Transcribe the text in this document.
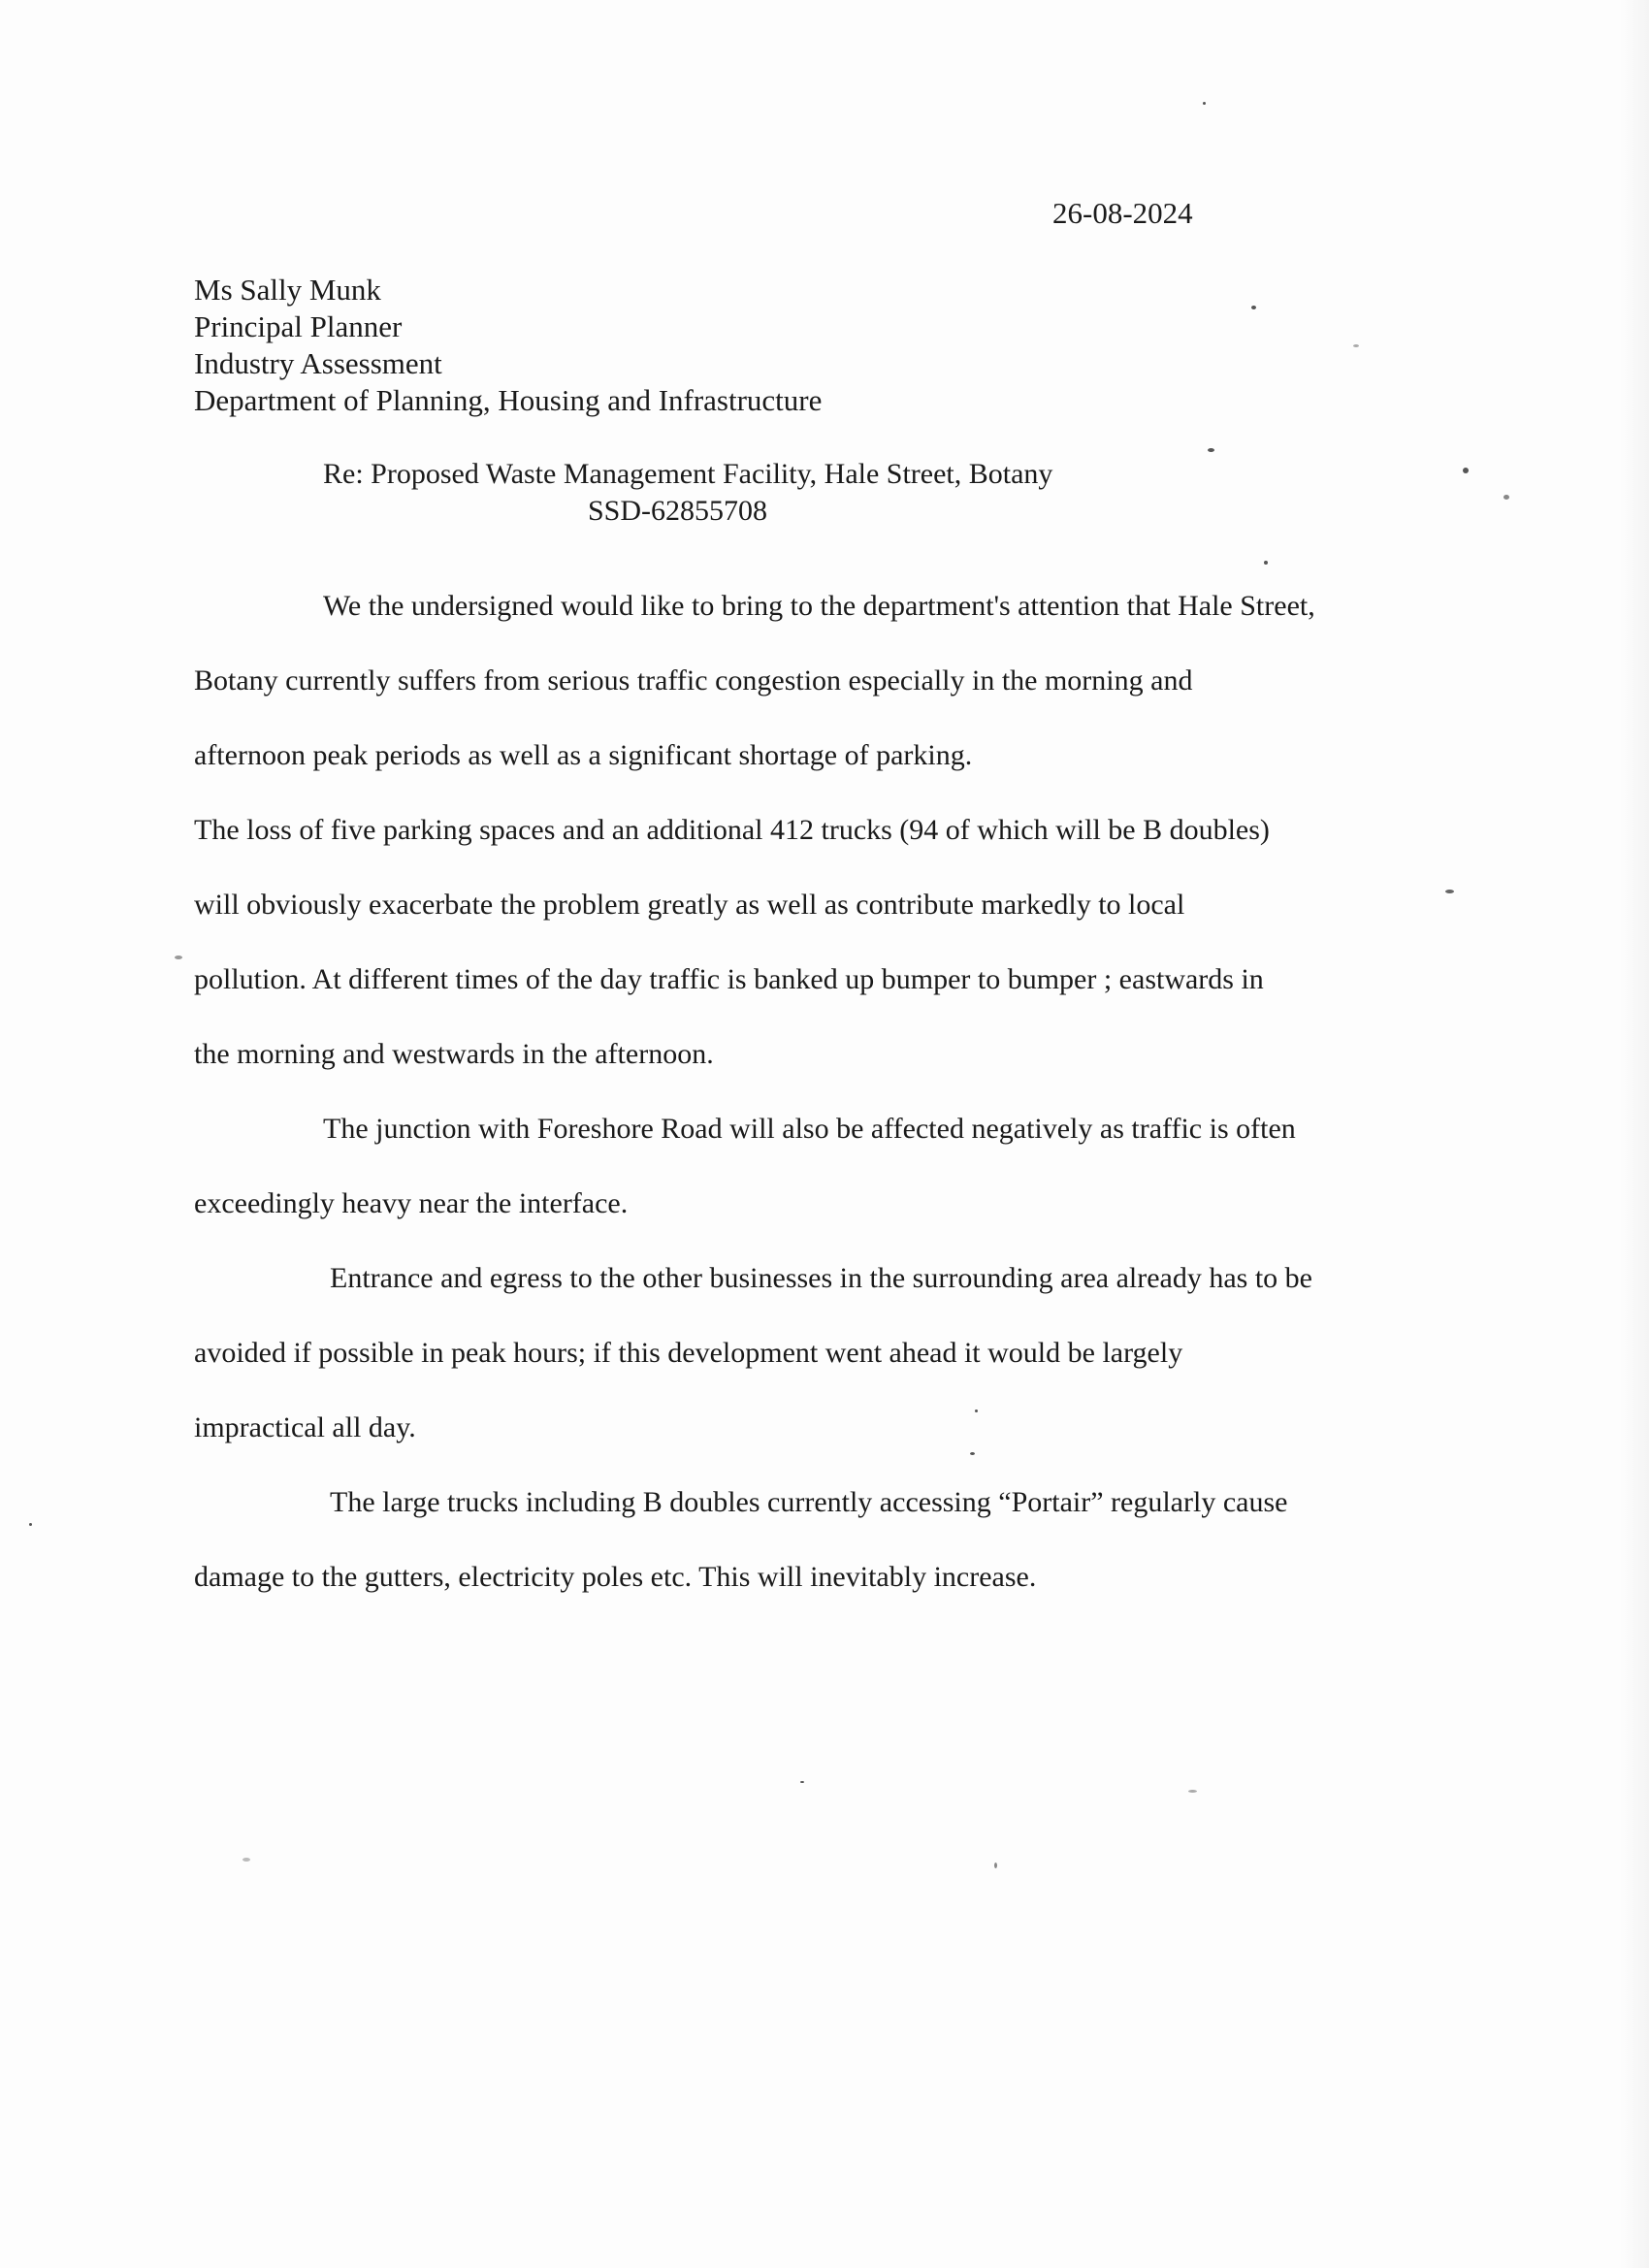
26-08-2024
Ms Sally Munk
Principal Planner
Industry Assessment
Department of Planning, Housing and Infrastructure
Re: Proposed Waste Management Facility, Hale Street, Botany
SSD-62855708
We the undersigned would like to bring to the department's attention that Hale Street,
Botany currently suffers from serious traffic congestion especially in the morning and
afternoon peak periods as well as a significant shortage of parking.
The loss of five parking spaces and an additional 412 trucks (94 of which will be B doubles)
will obviously exacerbate the problem greatly as well as contribute markedly to local
pollution. At different times of the day traffic is banked up bumper to bumper ; eastwards in
the morning and westwards in the afternoon.
The junction with Foreshore Road will also be affected negatively as traffic is often
exceedingly heavy near the interface.
Entrance and egress to the other businesses in the surrounding area already has to be
avoided if possible in peak hours; if this development went ahead it would be largely
impractical all day.
The large trucks including B doubles currently accessing “Portair” regularly cause
damage to the gutters, electricity poles etc. This will inevitably increase.
